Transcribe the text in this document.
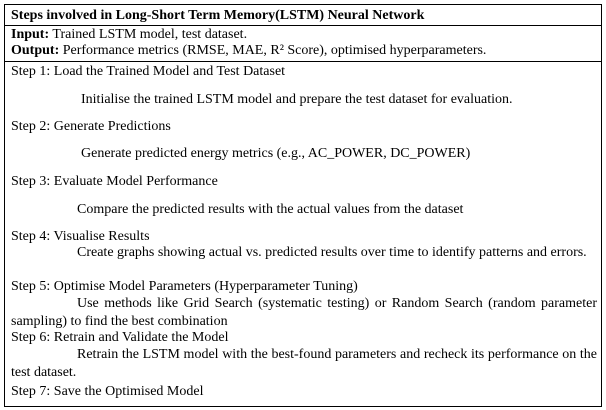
Steps involved in Long-Short Term Memory(LSTM) Neural Network
Input: Trained LSTM model, test dataset.
Output: Performance metrics (RMSE, MAE, R² Score), optimised hyperparameters.
Step 1: Load the Trained Model and Test Dataset
Initialise the trained LSTM model and prepare the test dataset for evaluation.
Step 2: Generate Predictions
Generate predicted energy metrics (e.g., AC_POWER, DC_POWER)
Step 3: Evaluate Model Performance
Compare the predicted results with the actual values from the dataset
Step 4: Visualise Results
Create graphs showing actual vs. predicted results over time to identify patterns and errors.
Step 5: Optimise Model Parameters (Hyperparameter Tuning)
Use methods like Grid Search (systematic testing) or Random Search (random parameter sampling) to find the best combination
Step 6: Retrain and Validate the Model
Retrain the LSTM model with the best-found parameters and recheck its performance on the test dataset.
Step 7: Save the Optimised Model
